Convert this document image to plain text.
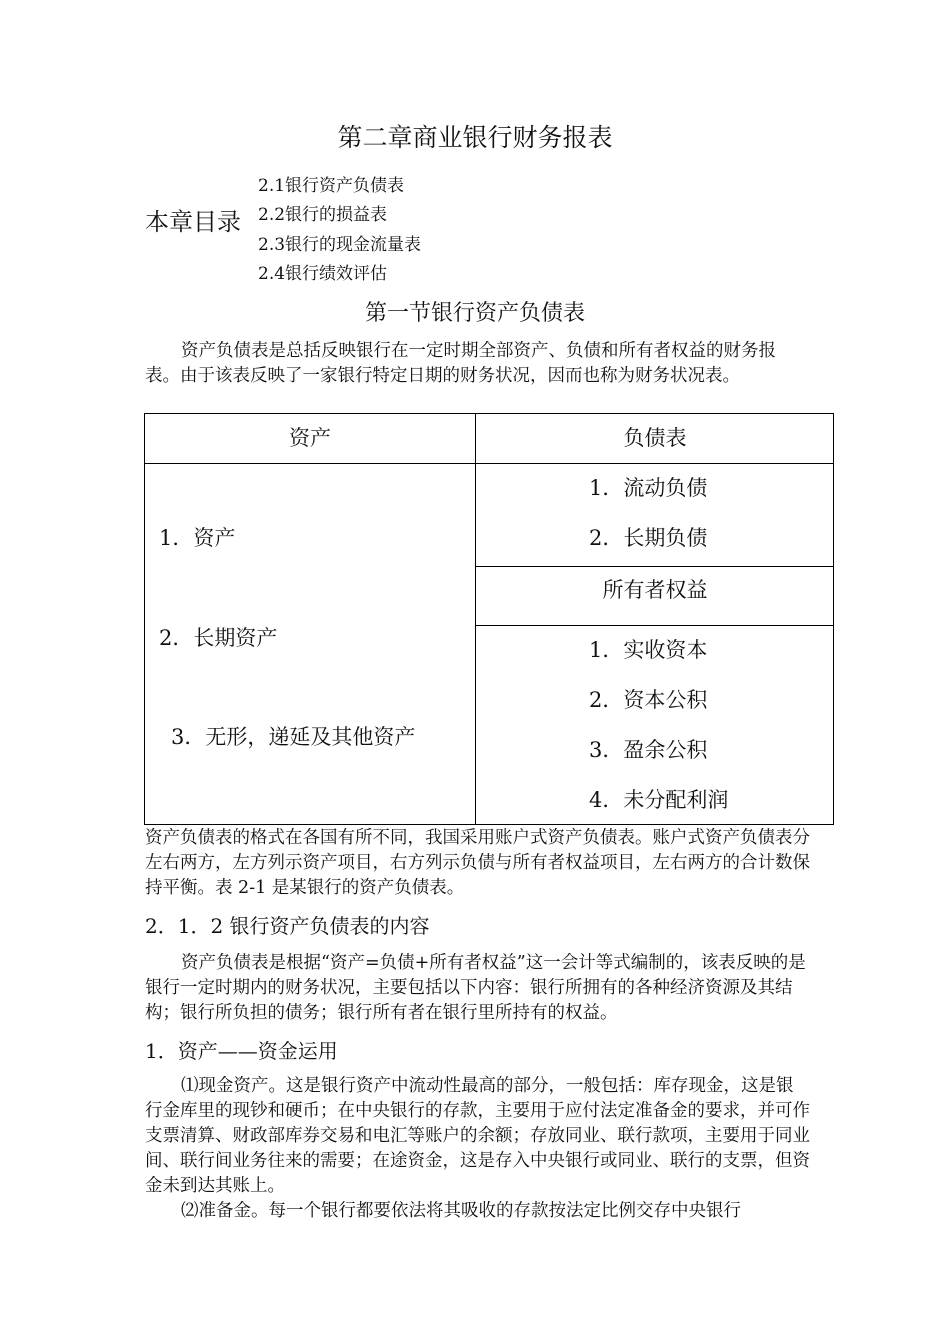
第二章商业银行财务报表
本章目录
2.1银行资产负债表
2.2银行的损益表
2.3银行的现金流量表
2.4银行绩效评估
第一节银行资产负债表

资产负债表是总括反映银行在一定时期全部资产、负债和所有者权益的财务报表。由于该表反映了一家银行特定日期的财务状况，因而也称为财务状况表。

资产	负债表
1．资产
2．长期资产
3．无形，递延及其他资产
1．流动负债
2．长期负债
所有者权益
1．实收资本
2．资本公积
3．盈余公积
4．未分配利润

资产负债表的格式在各国有所不同，我国采用账户式资产负债表。账户式资产负债表分左右两方，左方列示资产项目，右方列示负债与所有者权益项目，左右两方的合计数保持平衡。表 2-1 是某银行的资产负债表。

2．1．2 银行资产负债表的内容

资产负债表是根据“资产=负债+所有者权益”这一会计等式编制的，该表反映的是银行一定时期内的财务状况，主要包括以下内容：银行所拥有的各种经济资源及其结构；银行所负担的债务；银行所有者在银行里所持有的权益。

1．资产——资金运用

⑴现金资产。这是银行资产中流动性最高的部分，一般包括：库存现金，这是银行金库里的现钞和硬币；在中央银行的存款，主要用于应付法定准备金的要求，并可作支票清算、财政部库券交易和电汇等账户的余额；存放同业、联行款项，主要用于同业间、联行间业务往来的需要；在途资金，这是存入中央银行或同业、联行的支票，但资金未到达其账上。

⑵准备金。每一个银行都要依法将其吸收的存款按法定比例交存中央银行
